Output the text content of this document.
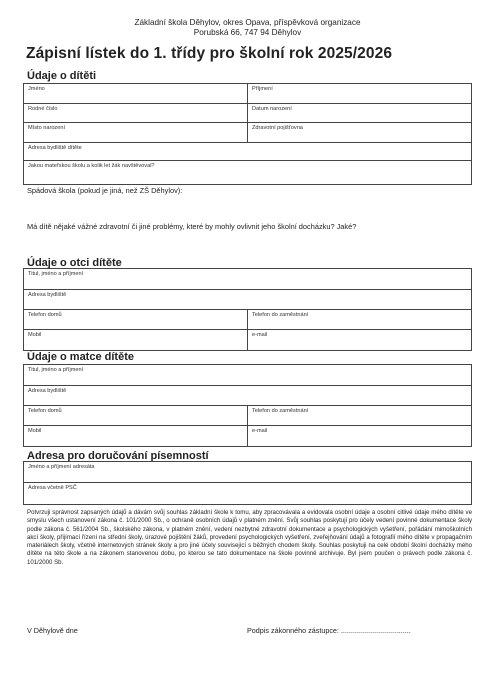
Základní škola Děhylov, okres Opava, příspěvková organizace
Porubská 66, 747 94 Děhylov
Zápisní lístek do 1. třídy pro školní rok 2025/2026
Údaje o dítěti
Jméno	Příjmení
Rodné číslo	Datum narození
Místo narození	Zdravotní pojišťovna
Adresa bydliště dítěte
Jakou mateřskou školu a kolik let žák navštěvoval?
Spádová škola (pokud je jiná, než ZŠ Děhylov):
Má dítě nějaké vážné zdravotní či jiné problémy, které by mohly ovlivnit jeho školní docházku? Jaké?
Údaje o otci dítěte
Titul, jméno a příjmení
Adresa bydliště
Telefon domů	Telefon do zaměstnání
Mobil	e-mail
Údaje o matce dítěte
Titul, jméno a příjmení
Adresa bydliště
Telefon domů	Telefon do zaměstnání
Mobil	e-mail
Adresa pro doručování písemností
Jméno a příjmení adresáta
Adresa včetně PSČ
Potvrzuji správnost zapsaných údajů a dávám svůj souhlas základní škole k tomu, aby zpracovávala a evidovala osobní údaje a osobní citlivé údaje mého dítěte ve smyslu všech ustanovení zákona č. 101/2000 Sb., o ochraně osobních údajů v platném znění. Svůj souhlas poskytuji pro účely vedení povinné dokumentace školy podle zákona č. 561/2004 Sb., školského zákona, v platném znění, vedení nezbytné zdravotní dokumentace a psychologických vyšetření, pořádání mimoškolních akcí školy, přijímací řízení na střední školy, úrazové pojištění žáků, provedení psychologických vyšetření, zveřejňování údajů a fotografií mého dítěte v propagačním materiálech školy, včetně internetových stránek školy a pro jiné účely související s běžných chodem školy. Souhlas poskytuji na celé období školní docházky mého dítěte na této škole a na zákonem stanovenou dobu, po kterou se tato dokumentace na škole povinně archivuje. Byl jsem poučen o právech podle zákona č. 101/2000 Sb.
V Děhylově dne	Podpis zákonného zástupce: ...................................
